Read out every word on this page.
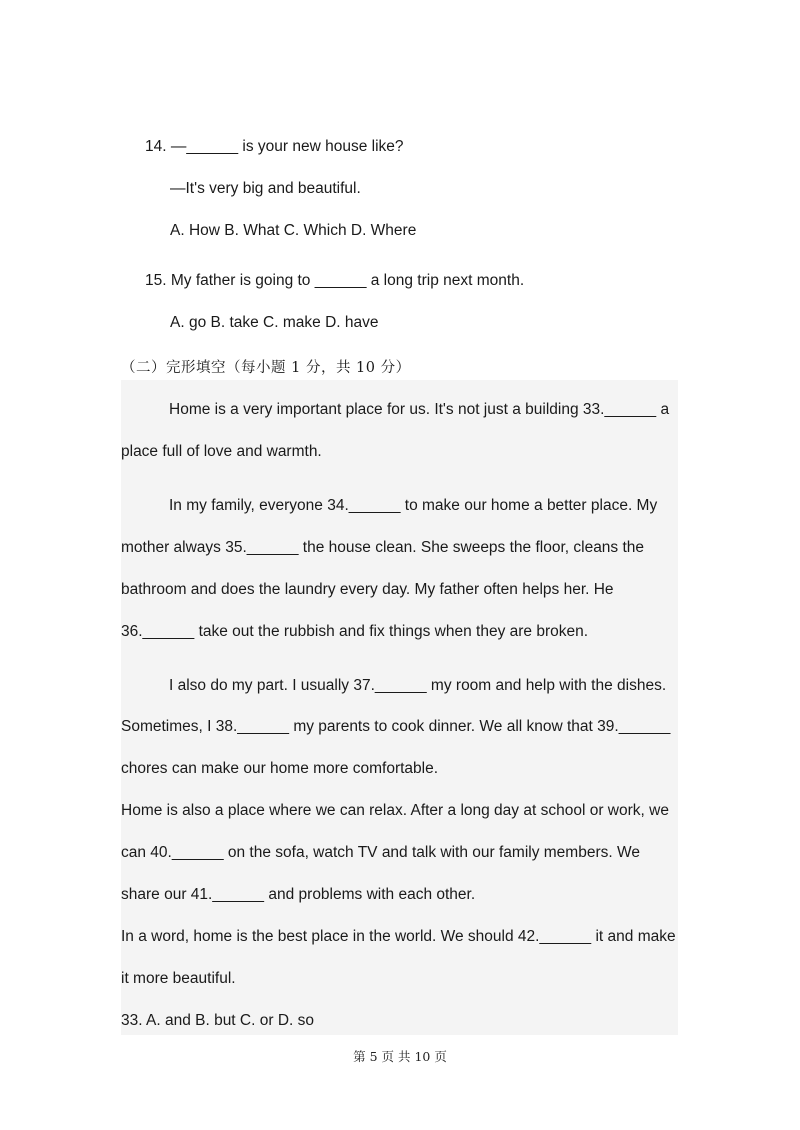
14. —______ is your new house like?
—It's very big and beautiful.
A. How B. What C. Which D. Where
15. My father is going to ______ a long trip next month.
A. go B. take C. make D. have
（二）完形填空（每小题 1 分，共 10 分）
Home is a very important place for us. It's not just a building 33.______ a
place full of love and warmth.
In my family, everyone 34.______ to make our home a better place. My
mother always 35.______ the house clean. She sweeps the floor, cleans the
bathroom and does the laundry every day. My father often helps her. He
36.______ take out the rubbish and fix things when they are broken.
I also do my part. I usually 37.______ my room and help with the dishes.
Sometimes, I 38.______ my parents to cook dinner. We all know that 39.______
chores can make our home more comfortable.
Home is also a place where we can relax. After a long day at school or work, we
can 40.______ on the sofa, watch TV and talk with our family members. We
share our 41.______ and problems with each other.
In a word, home is the best place in the world. We should 42.______ it and make
it more beautiful.
33. A. and B. but C. or D. so
第 5 页 共 10 页
